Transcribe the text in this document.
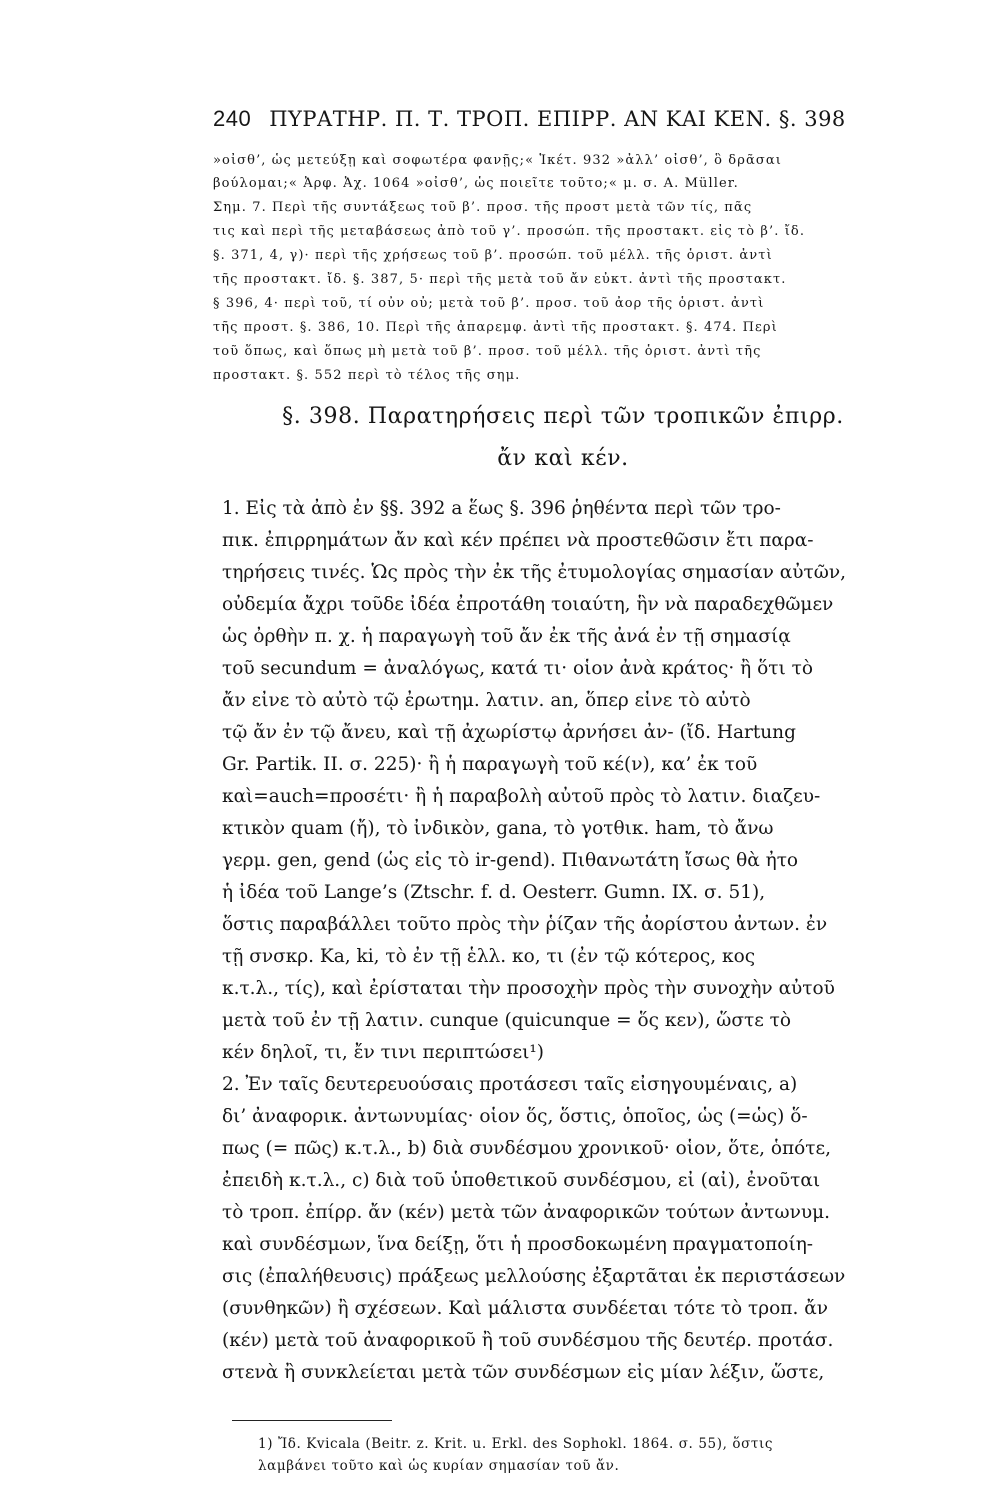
240 ΠΥΡΑΤΗΡ. Π. Τ. ΤΡΟΠ. ΕΠΙΡΡ. ΑΝ ΚΑΙ ΚΕΝ. §. 398
»οἶσθ’, ὡς μετεύξῃ καὶ σοφωτέρα φανῇς;« Ἱκέτ. 932 »ἀλλ’ οἶσθ’, ὃ δρᾶσαι
βούλομαι;« Ἀρφ. Ἀχ. 1064 »οἶσθ’, ὡς ποιεῖτε τοῦτο;« μ. σ. A. Müller.
Σημ. 7. Περὶ τῆς συντάξεως τοῦ β’. προσ. τῆς προστ μετὰ τῶν τίς, πᾶς
τις καὶ περὶ τῆς μεταβάσεως ἀπὸ τοῦ γ’. προσώπ. τῆς προστακτ. εἰς τὸ β’. ἴδ.
§. 371, 4, γ)· περὶ τῆς χρήσεως τοῦ β’. προσώπ. τοῦ μέλλ. τῆς ὁριστ. ἀντὶ
τῆς προστακτ. ἴδ. §. 387, 5· περὶ τῆς μετὰ τοῦ ἄν εὐκτ. ἀντὶ τῆς προστακτ.
§ 396, 4· περὶ τοῦ, τί οὖν οὐ; μετὰ τοῦ β’. προσ. τοῦ ἀορ τῆς ὁριστ. ἀντὶ
τῆς προστ. §. 386, 10. Περὶ τῆς ἀπαρεμφ. ἀντὶ τῆς προστακτ. §. 474. Περὶ
τοῦ ὅπως, καὶ ὅπως μὴ μετὰ τοῦ β’. προσ. τοῦ μέλλ. τῆς ὁριστ. ἀντὶ τῆς
προστακτ. §. 552 περὶ τὸ τέλος τῆς σημ.
§. 398. Παρατηρήσεις περὶ τῶν τροπικῶν ἐπιρρ.
ἄν καὶ κέν.
1. Εἰς τὰ ἀπὸ ἐν §§. 392 a ἕως §. 396 ῥηθέντα περὶ τῶν τρο-
πικ. ἐπιρρημάτων ἄν καὶ κέν πρέπει νὰ προστεθῶσιν ἔτι παρα-
τηρήσεις τινές. Ὡς πρὸς τὴν ἐκ τῆς ἐτυμολογίας σημασίαν αὐτῶν,
οὐδεμία ἄχρι τοῦδε ἰδέα ἐπροτάθη τοιαύτη, ἣν νὰ παραδεχθῶμεν
ὡς ὀρθὴν π. χ. ἡ παραγωγὴ τοῦ ἄν ἐκ τῆς ἀνά ἐν τῇ σημασίᾳ
τοῦ secundum = ἀναλόγως, κατά τι· οἷον ἀνὰ κράτος· ἢ ὅτι τὸ
ἄν εἶνε τὸ αὐτὸ τῷ ἐρωτημ. λατιν. an, ὅπερ εἶνε τὸ αὐτὸ
τῷ ἄν ἐν τῷ ἄνευ, καὶ τῇ ἀχωρίστῳ ἀρνήσει ἀν- (ἴδ. Hartung
Gr. Partik. II. σ. 225)· ἢ ἡ παραγωγὴ τοῦ κέ(ν), κα’ ἐκ τοῦ
καὶ=auch=προσέτι· ἢ ἡ παραβολὴ αὐτοῦ πρὸς τὸ λατιν. διαζευ-
κτικὸν quam (ἤ), τὸ ἰνδικὸν, gana, τὸ γοτθικ. ham, τὸ ἄνω
γερμ. gen, gend (ὡς εἰς τὸ ir-gend). Πιθανωτάτη ἴσως θὰ ἦτο
ἡ ἰδέα τοῦ Lange’s (Ztschr. f. d. Oesterr. Gumn. IX. σ. 51),
ὅστις παραβάλλει τοῦτο πρὸς τὴν ῥίζαν τῆς ἀορίστου ἀντων. ἐν
τῇ σνσκρ. Ka, ki, τὸ ἐν τῇ ἑλλ. κο, τι (ἐν τῷ κότερος, κος
κ.τ.λ., τίς), καὶ ἐρίσταται τὴν προσοχὴν πρὸς τὴν συνοχὴν αὐτοῦ
μετὰ τοῦ ἐν τῇ λατιν. cunque (quicunque = ὅς κεν), ὥστε τὸ
κέν δηλοῖ, τι, ἔν τινι περιπτώσει¹)
2. Ἐν ταῖς δευτερευούσαις προτάσεσι ταῖς εἰσηγουμέναις, a)
δι’ ἀναφορικ. ἀντωνυμίας· οἷον ὅς, ὅστις, ὁποῖος, ὡς (=ὡς) ὅ-
πως (= πῶς) κ.τ.λ., b) διὰ συνδέσμου χρονικοῦ· οἷον, ὅτε, ὁπότε,
ἐπειδὴ κ.τ.λ., c) διὰ τοῦ ὑποθετικοῦ συνδέσμου, εἰ (αἰ), ἐνοῦται
τὸ τροπ. ἐπίρρ. ἄν (κέν) μετὰ τῶν ἀναφορικῶν τούτων ἀντωνυμ.
καὶ συνδέσμων, ἵνα δείξῃ, ὅτι ἡ προσδοκωμένη πραγματοποίη-
σις (ἐπαλήθευσις) πράξεως μελλούσης ἐξαρτᾶται ἐκ περιστάσεων
(συνθηκῶν) ἢ σχέσεων. Καὶ μάλιστα συνδέεται τότε τὸ τροπ. ἄν
(κέν) μετὰ τοῦ ἀναφορικοῦ ἢ τοῦ συνδέσμου τῆς δευτέρ. προτάσ.
στενὰ ἢ συνκλείεται μετὰ τῶν συνδέσμων εἰς μίαν λέξιν, ὥστε,
1) Ἴδ. Kvicala (Beitr. z. Krit. u. Erkl. des Sophokl. 1864. σ. 55), ὅστις
λαμβάνει τοῦτο καὶ ὡς κυρίαν σημασίαν τοῦ ἄν.
